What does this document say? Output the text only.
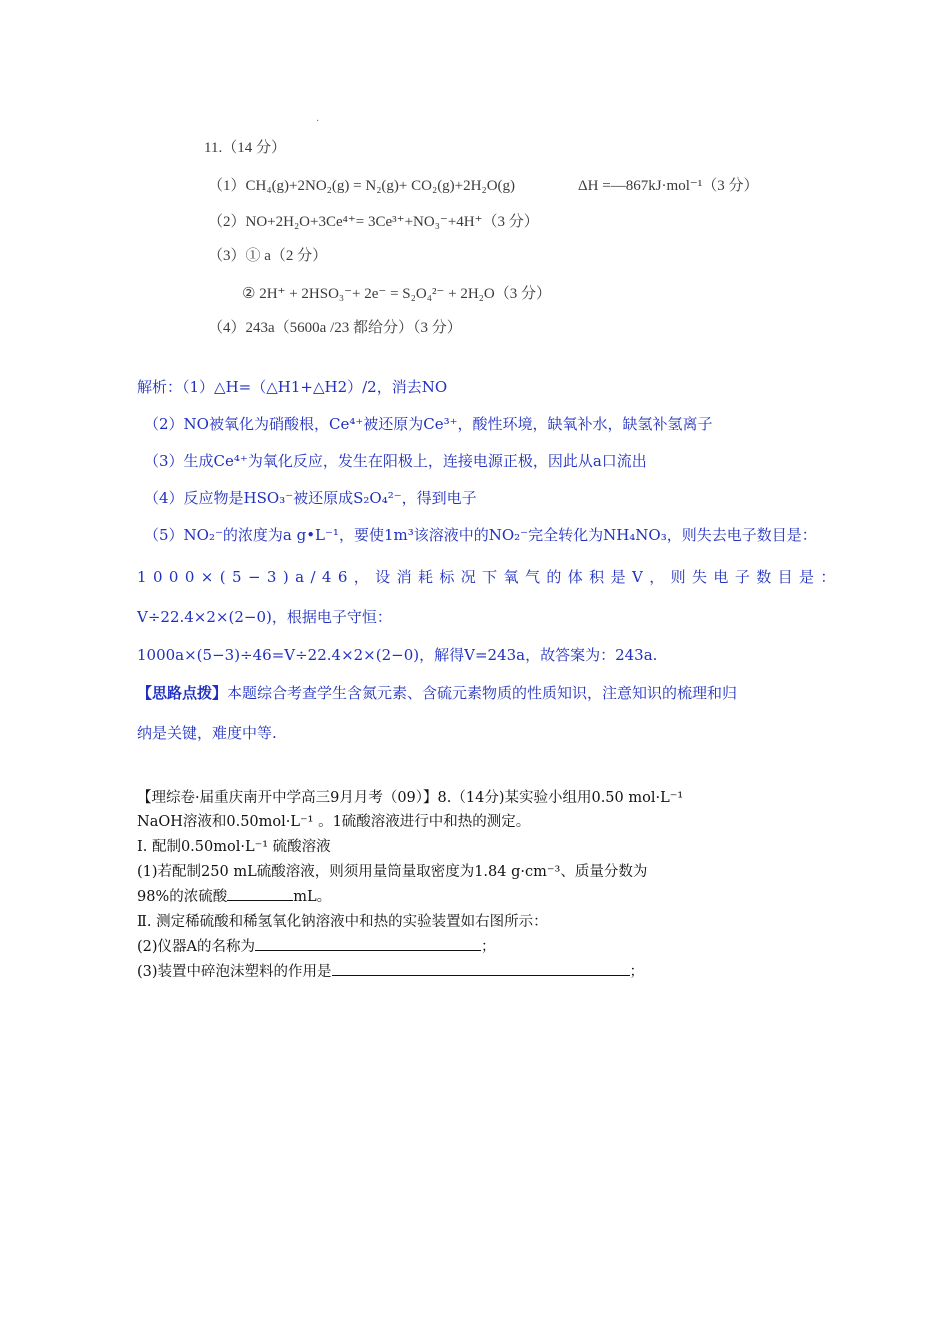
·
11.（14 分）
（1）CH₄(g)+2NO₂(g) = N₂(g)+ CO₂(g)+2H₂O(g)	ΔH =—867kJ·mol⁻¹（3 分）
（2）NO+2H₂O+3Ce⁴⁺= 3Ce³⁺+NO₃⁻+4H⁺（3 分）
（3）① a（2 分）
② 2H⁺ + 2HSO₃⁻+ 2e⁻ = S₂O₄²⁻ + 2H₂O（3 分）
（4）243a（5600a /23 都给分）（3 分）
解析：（1）△H=（△H1+△H2）/2，消去NO
（2）NO被氧化为硝酸根，Ce⁴⁺被还原为Ce³⁺，酸性环境，缺氧补水，缺氢补氢离子
（3）生成Ce⁴⁺为氧化反应，发生在阳极上，连接电源正极，因此从a口流出
（4）反应物是HSO₃⁻被还原成S₂O₄²⁻，得到电子
（5）NO₂⁻的浓度为a g•L⁻¹，要使1m³该溶液中的NO₂⁻完全转化为NH₄NO₃，则失去电子数目是：
1000×(5−3)a/46，设消耗标况下氧气的体积是V，则失电子数目是：
V÷22.4×2×(2−0)，根据电子守恒：
1000a×(5−3)÷46=V÷22.4×2×(2−0)，解得V=243a，故答案为：243a.
【思路点拨】本题综合考查学生含氮元素、含硫元素物质的性质知识，注意知识的梳理和归
纳是关键，难度中等.
【理综卷·届重庆南开中学高三9月月考（09）】8.（14分)某实验小组用0.50 mol·L⁻¹
NaOH溶液和0.50mol·L⁻¹ 。1硫酸溶液进行中和热的测定。
Ⅰ. 配制0.50mol·L⁻¹ 硫酸溶液
(1)若配制250 mL硫酸溶液，则须用量筒量取密度为1.84 g·cm⁻³、质量分数为
98%的浓硫酸	mL。
Ⅱ. 测定稀硫酸和稀氢氧化钠溶液中和热的实验装置如右图所示：
(2)仪器A的名称为	；
(3)装置中碎泡沫塑料的作用是	；
